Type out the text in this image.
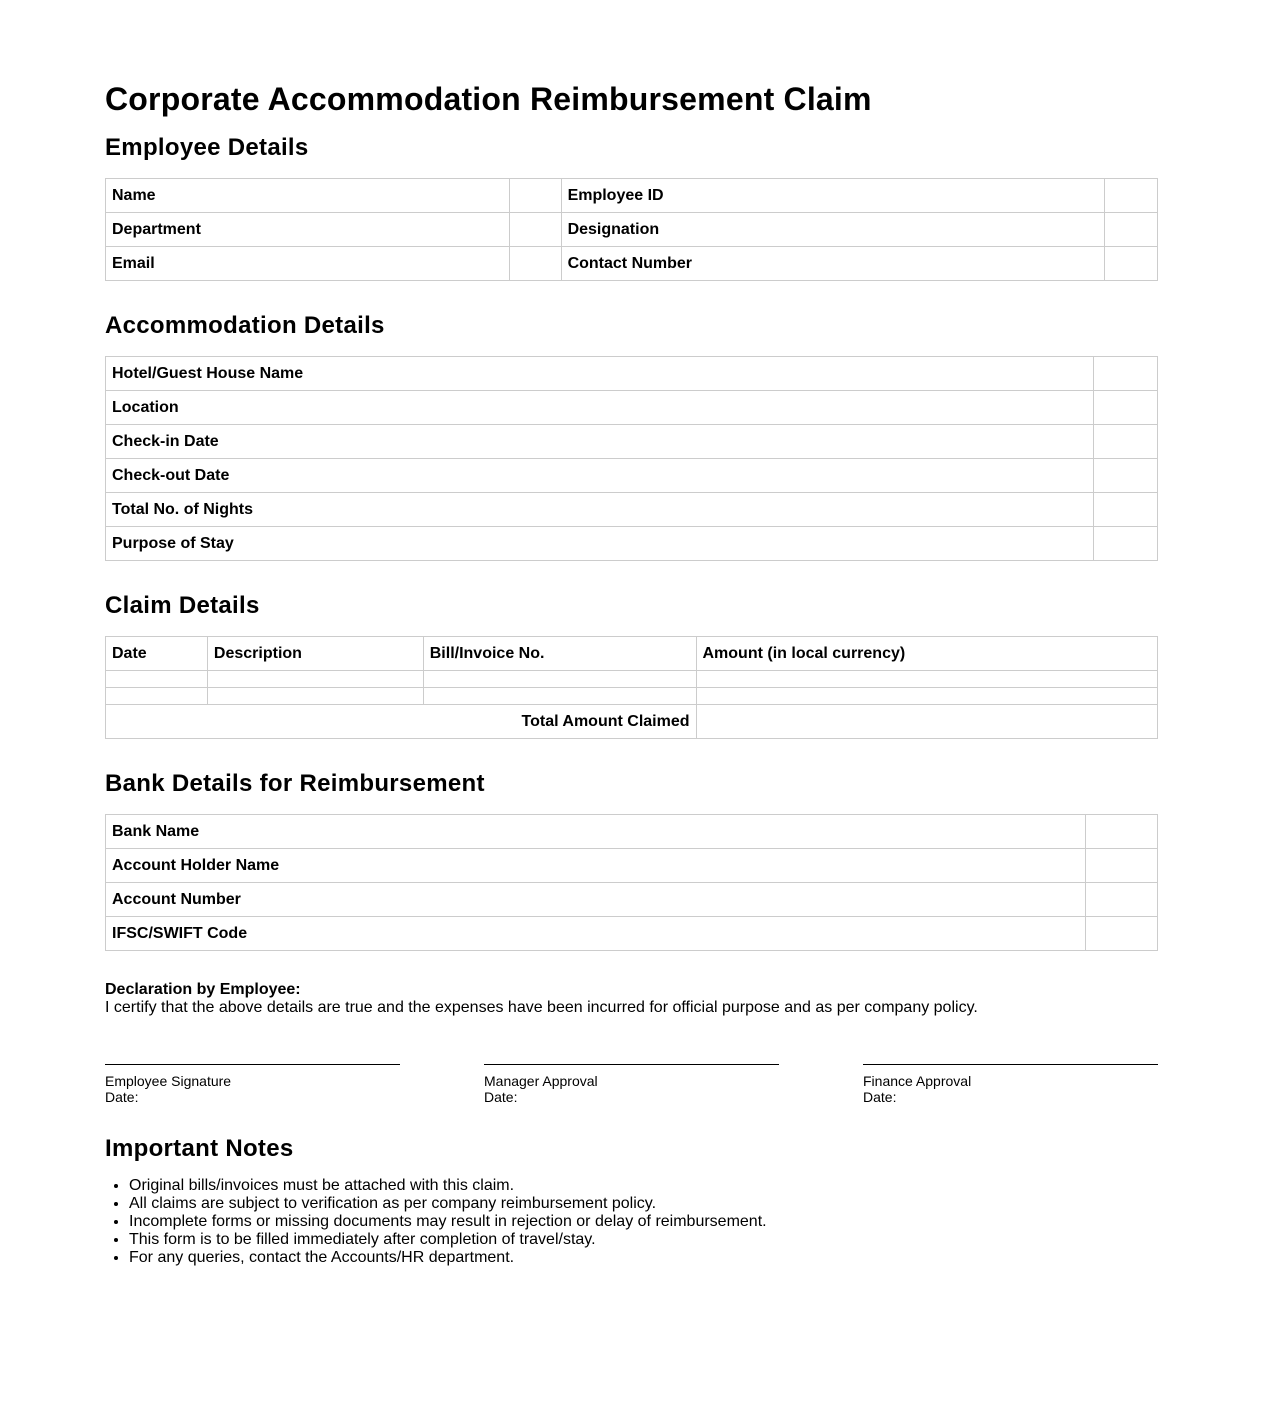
Corporate Accommodation Reimbursement Claim
Employee Details
Name		Employee ID	
Department		Designation	
Email		Contact Number	
Accommodation Details
Hotel/Guest House Name	
Location	
Check-in Date	
Check-out Date	
Total No. of Nights	
Purpose of Stay	
Claim Details
Date	Description	Bill/Invoice No.	Amount (in local currency)

Total Amount Claimed			
Bank Details for Reimbursement
Bank Name	
Account Holder Name	
Account Number	
IFSC/SWIFT Code	
Declaration by Employee:
I certify that the above details are true and the expenses have been incurred for official purpose and as per company policy.
Employee Signature
Date:
Manager Approval
Date:
Finance Approval
Date:
Important Notes
• Original bills/invoices must be attached with this claim.
• All claims are subject to verification as per company reimbursement policy.
• Incomplete forms or missing documents may result in rejection or delay of reimbursement.
• This form is to be filled immediately after completion of travel/stay.
• For any queries, contact the Accounts/HR department.
